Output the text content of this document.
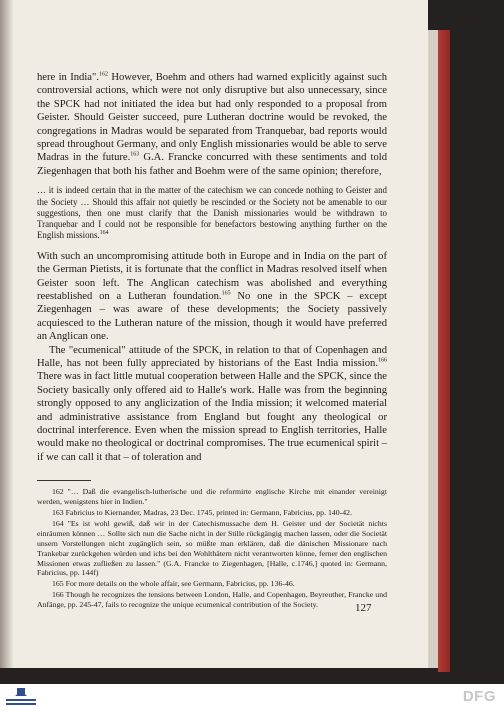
here in India".$^{162}$ However, Boehm and others had warned explicitly against such controversial actions, which were not only disruptive but also unnecessary, since the SPCK had not initiated the idea but had only responded to a proposal from Geister. Should Geister succeed, pure Lutheran doctrine would be revoked, the congregations in Madras would be separated from Tranquebar, bad reports would spread throughout Germany, and only English missionaries would be able to serve Madras in the future.$^{163}$ G.A. Francke concurred with these sentiments and told Ziegenhagen that both his father and Boehm were of the same opinion; therefore,

… it is indeed certain that in the matter of the catechism we can concede nothing to Geister and the Society … Should this affair not quietly be rescinded or the Society not be amenable to our suggestions, then one must clarify that the Danish missionaries would be withdrawn to Tranquebar and I could not be responsible for benefactors bestowing anything further on the English missions.$^{164}$

With such an uncompromising attitude both in Europe and in India on the part of the German Pietists, it is fortunate that the conflict in Madras resolved itself when Geister soon left. The Anglican catechism was abolished and everything reestablished on a Lutheran foundation.$^{165}$ No one in the SPCK – except Ziegenhagen – was aware of these developments; the Society passively acquiesced to the Lutheran nature of the mission, though it would have preferred an Anglican one.

The "ecumenical" attitude of the SPCK, in relation to that of Copenhagen and Halle, has not been fully appreciated by historians of the East India mission.$^{166}$ There was in fact little mutual cooperation between Halle and the SPCK, since the Society basically only offered aid to Halle's work. Halle was from the beginning strongly opposed to any anglicization of the India mission; it welcomed material and administrative assistance from England but fought any theological or doctrinal interference. Even when the mission spread to English territories, Halle would make no theological or doctrinal compromises. The true ecumenical spirit – if we can call it that – of toleration and

162 "… Daß die evangelisch-lutherische und die reformirte englische Kirche mit einander vereinigt werden, wenigstens hier in Indien."

163 Fabricius to Kiernander, Madras, 23 Dec. 1745, printed in: Germann, Fabricius, pp. 140-42.

164 "Es ist wohl gewiß, daß wir in der Catechismussache dem H. Geister und der Societät nichts einräumen können … Sollte sich nun die Sache nicht in der Stille rückgängig machen lassen, oder die Societät unsern Vorstellungen nicht zugänglich sein, so müßte man erklären, daß die dänischen Missionare nach Trankebar zurückgehen würden und ichs bei den Wohlthätern nicht verantworten könne, ferner den englischen Missionen etwas zufließen zu lassen." (G.A. Francke to Ziegenhagen, [Halle, c.1746,] quoted in: Germann, Fabricius, pp. 144f)

165 For more details on the whole affair, see Germann, Fabricius, pp. 136-46.

166 Though he recognizes the tensions between London, Halle, and Copenhagen, Beyreuther, Francke und Anfänge, pp. 245-47, fails to recognize the unique ecumenical contribution of the Society.	127
DFG
